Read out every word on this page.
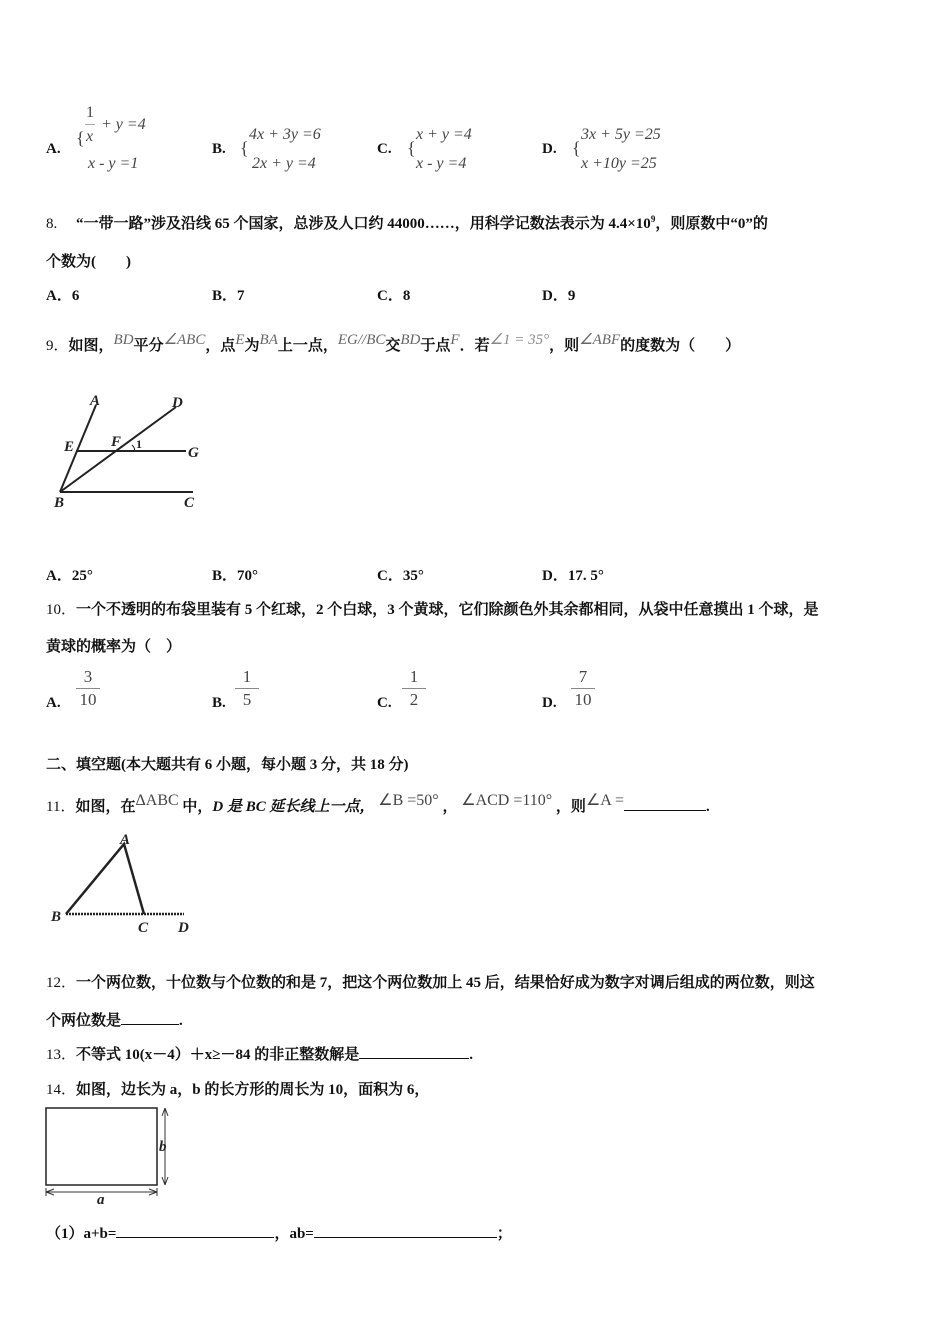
A.
{
1
x
+ y =4
x - y =1
B. {
4x + 3y =6
2x + y =4
C. {
x + y =4
x - y =4
D. {
3x + 5y =25
x +10y =25
8. “一带一路”涉及沿线 65 个国家，总涉及人口约 44000……，用科学记数法表示为 $4.4\times 10^9$，则原数中“0”的
个数为(　　)
A．6	B．7	C．8	D．9
9．如图，$^{BD}$平分$^{\angle ABC}$，点$^E$为$^{BA}$上一点，$^{EG//BC}$交$^{BD}$于点$^F$．若$^{\angle 1 = 35^\circ}$，则$^{\angle ABF}$的度数为（　　）
A	D
E F 1
G
B	C
A．25°	B．70°	C．35°	D．17. 5°
10．一个不透明的布袋里装有 5 个红球，2 个白球，3 个黄球，它们除颜色外其余都相同，从袋中任意摸出 1 个球，是
黄球的概率为（　）
A.
3
10	B.
1
5	C.
1
2	D.
7
10
二、填空题(本大题共有 6 小题，每小题 3 分，共 18 分)
11．如图，在$^{\Delta ABC}$ 中，D 是 BC 延长线上一点， $^{\angle B =50^\circ}$ ， $^{\angle ACD =110^\circ}$ ，则$^{\angle A =}$	.
A
B
C D
12．一个两位数，十位数与个位数的和是 7，把这个两位数加上 45 后，结果恰好成为数字对调后组成的两位数，则这
个两位数是	.
13．不等式 10(x－4）＋x≥－84 的非正整数解是	.
14．如图，边长为 a，b 的长方形的周长为 10，面积为 6，
b
a
（1）a+b=	，ab=	；
